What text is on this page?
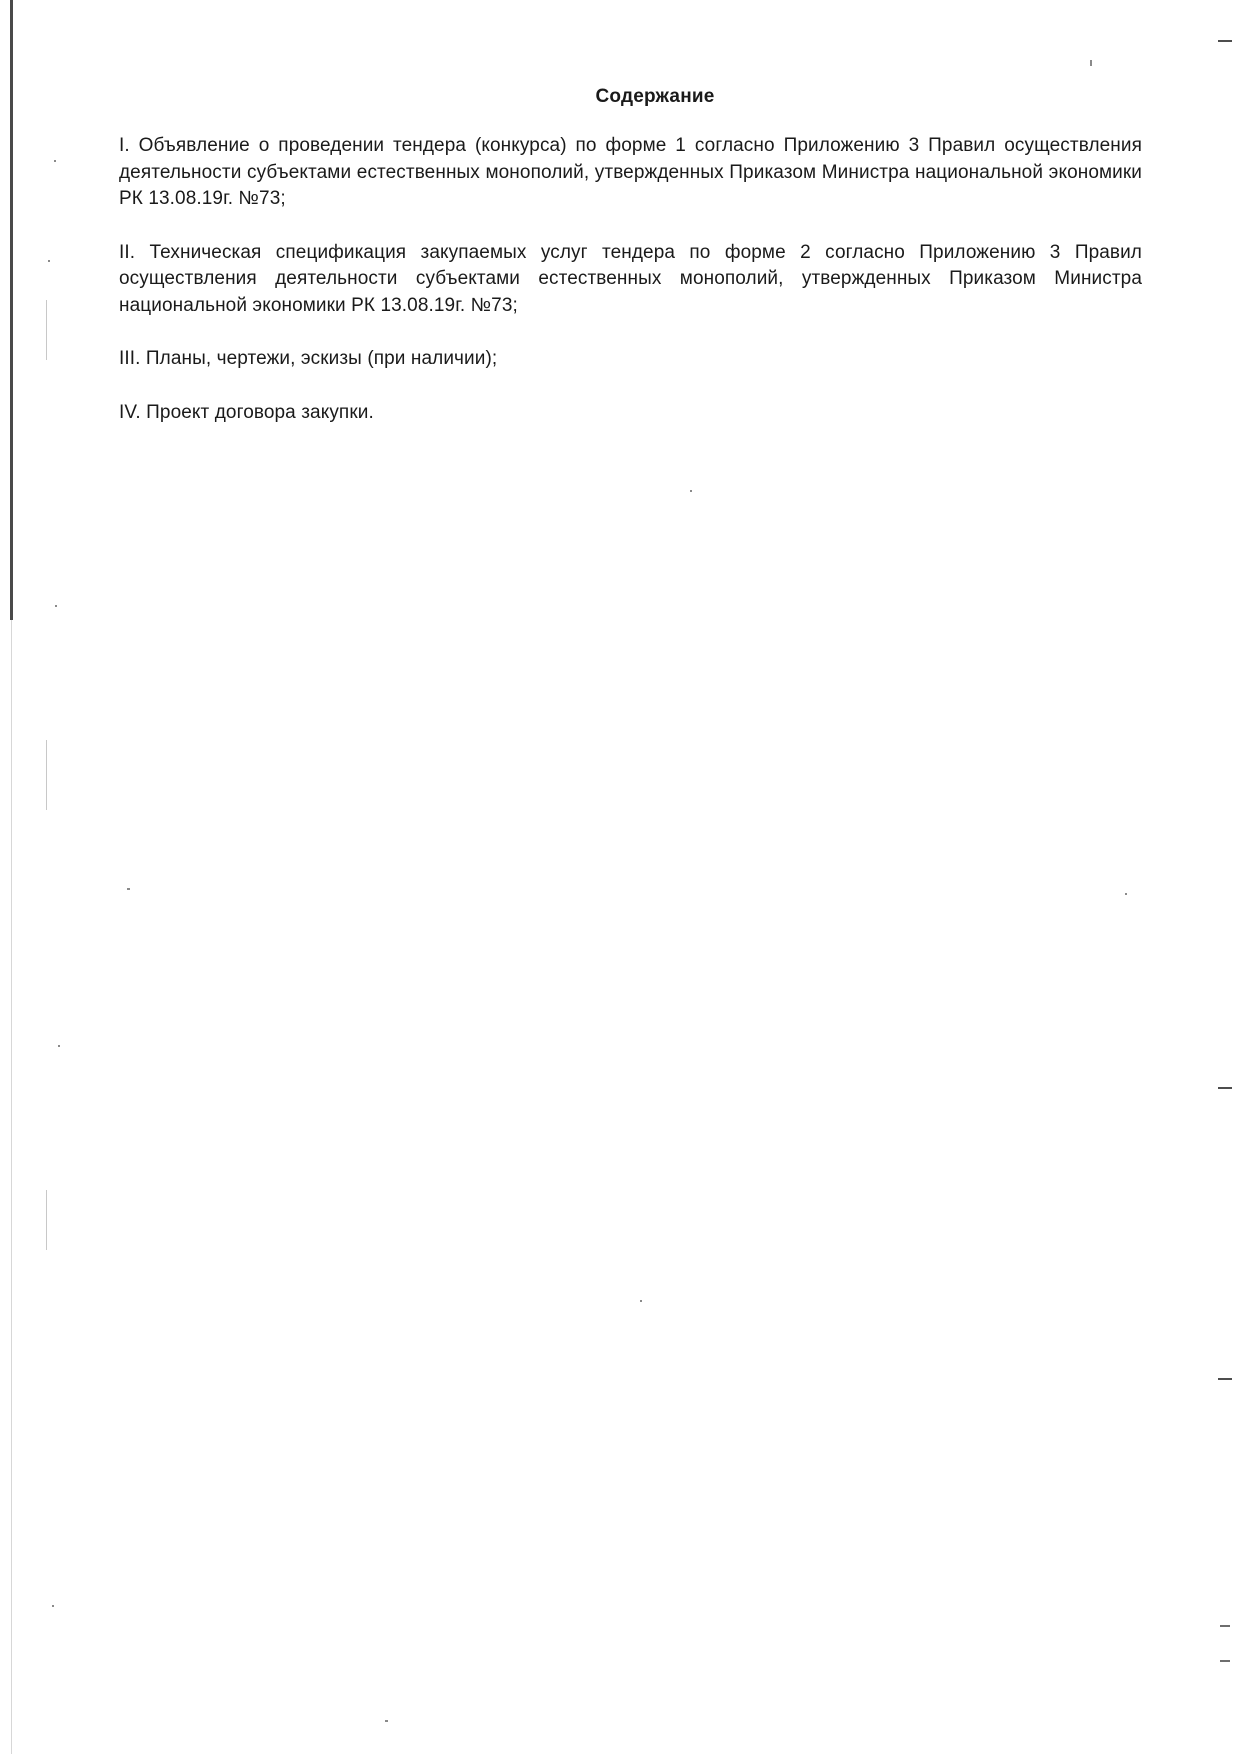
Содержание
I. Объявление о проведении тендера (конкурса) по форме 1 согласно Приложению 3 Правил осуществления деятельности субъектами естественных монополий, утвержденных Приказом Министра национальной экономики РК 13.08.19г. №73;
II. Техническая спецификация закупаемых услуг тендера по форме 2 согласно Приложению 3 Правил осуществления деятельности субъектами естественных монополий, утвержденных Приказом Министра национальной экономики РК 13.08.19г. №73;
III. Планы, чертежи, эскизы (при наличии);
IV. Проект договора закупки.
